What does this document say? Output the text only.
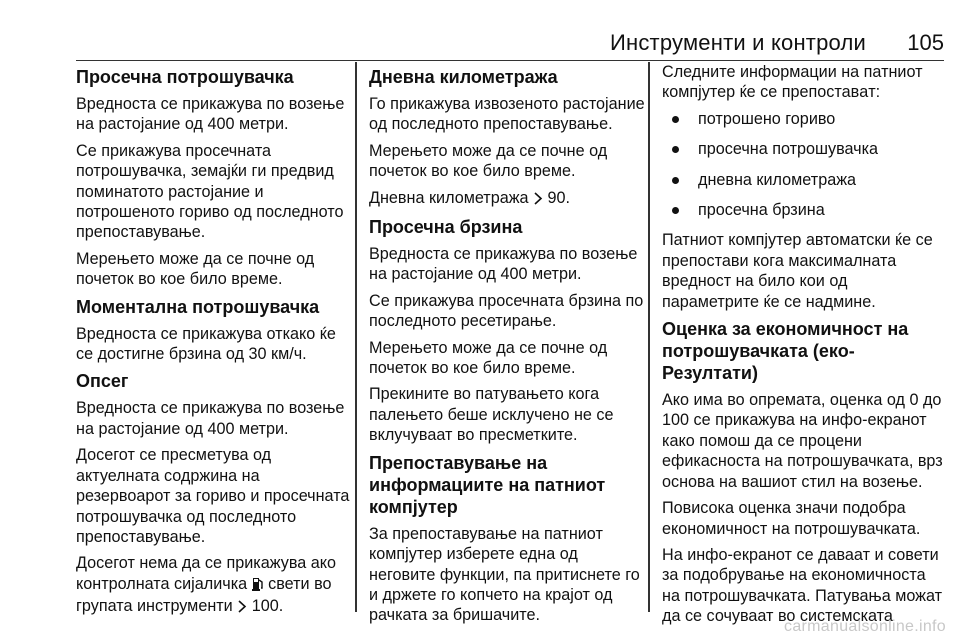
Инструменти и контроли 105
Просечна потрошувачка

Вредноста се прикажува по возење на растојание од 400 метри.

Се прикажува просечната потрошувачка, земајќи ги предвид поминатото растојание и потрошеното гориво од последното препоставување.

Мерењето може да се почне од почеток во кое било време.

Моментална потрошувачка

Вредноста се прикажува откако ќе се достигне брзина од 30 км/ч.

Опсег

Вредноста се прикажува по возење на растојание од 400 метри.

Досегот се пресметува од актуелната содржина на резервоарот за гориво и просечната потрошувачка од последното препоставување.

Досегот нема да се прикажува ако контролната сијаличка свети во групата инструменти 100.

Дневна километража

Го прикажува извозеното растојание од последното препоставување.

Мерењето може да се почне од почеток во кое било време.

Дневна километража 90.

Просечна брзина

Вредноста се прикажува по возење на растојание од 400 метри.

Се прикажува просечната брзина по последното ресетирање.

Мерењето може да се почне од почеток во кое било време.

Прекините во патувањето кога палењето беше исклучено не се вклучуваат во пресметките.

Препоставување на информациите на патниот компјутер

За препоставување на патниот компјутер изберете една од неговите функции, па притиснете го и држете го копчето на крајот од рачката за бришачите.

Следните информации на патниот компјутер ќе се препоставaт:

потрошено гориво
просечна потрошувачка
дневна километража
просечна брзина

Патниот компјутер автоматски ќе се препостави кога максималната вредност на било кои од параметрите ќе се надмине.

Оценка за економичност на потрошувачката (еко-Резултати)

Ако има во опремата, оценка од 0 до 100 се прикажува на инфо-екранот како помош да се процени ефикасноста на потрошувачката, врз основа на вашиот стил на возење.

Повисока оценка значи подобра економичност на потрошувачката.

На инфо-екранот се даваат и совети за подобрување на економичноста на потрошувачката. Патувања можат да се сочуваат во системската

carmanualsonline.info
